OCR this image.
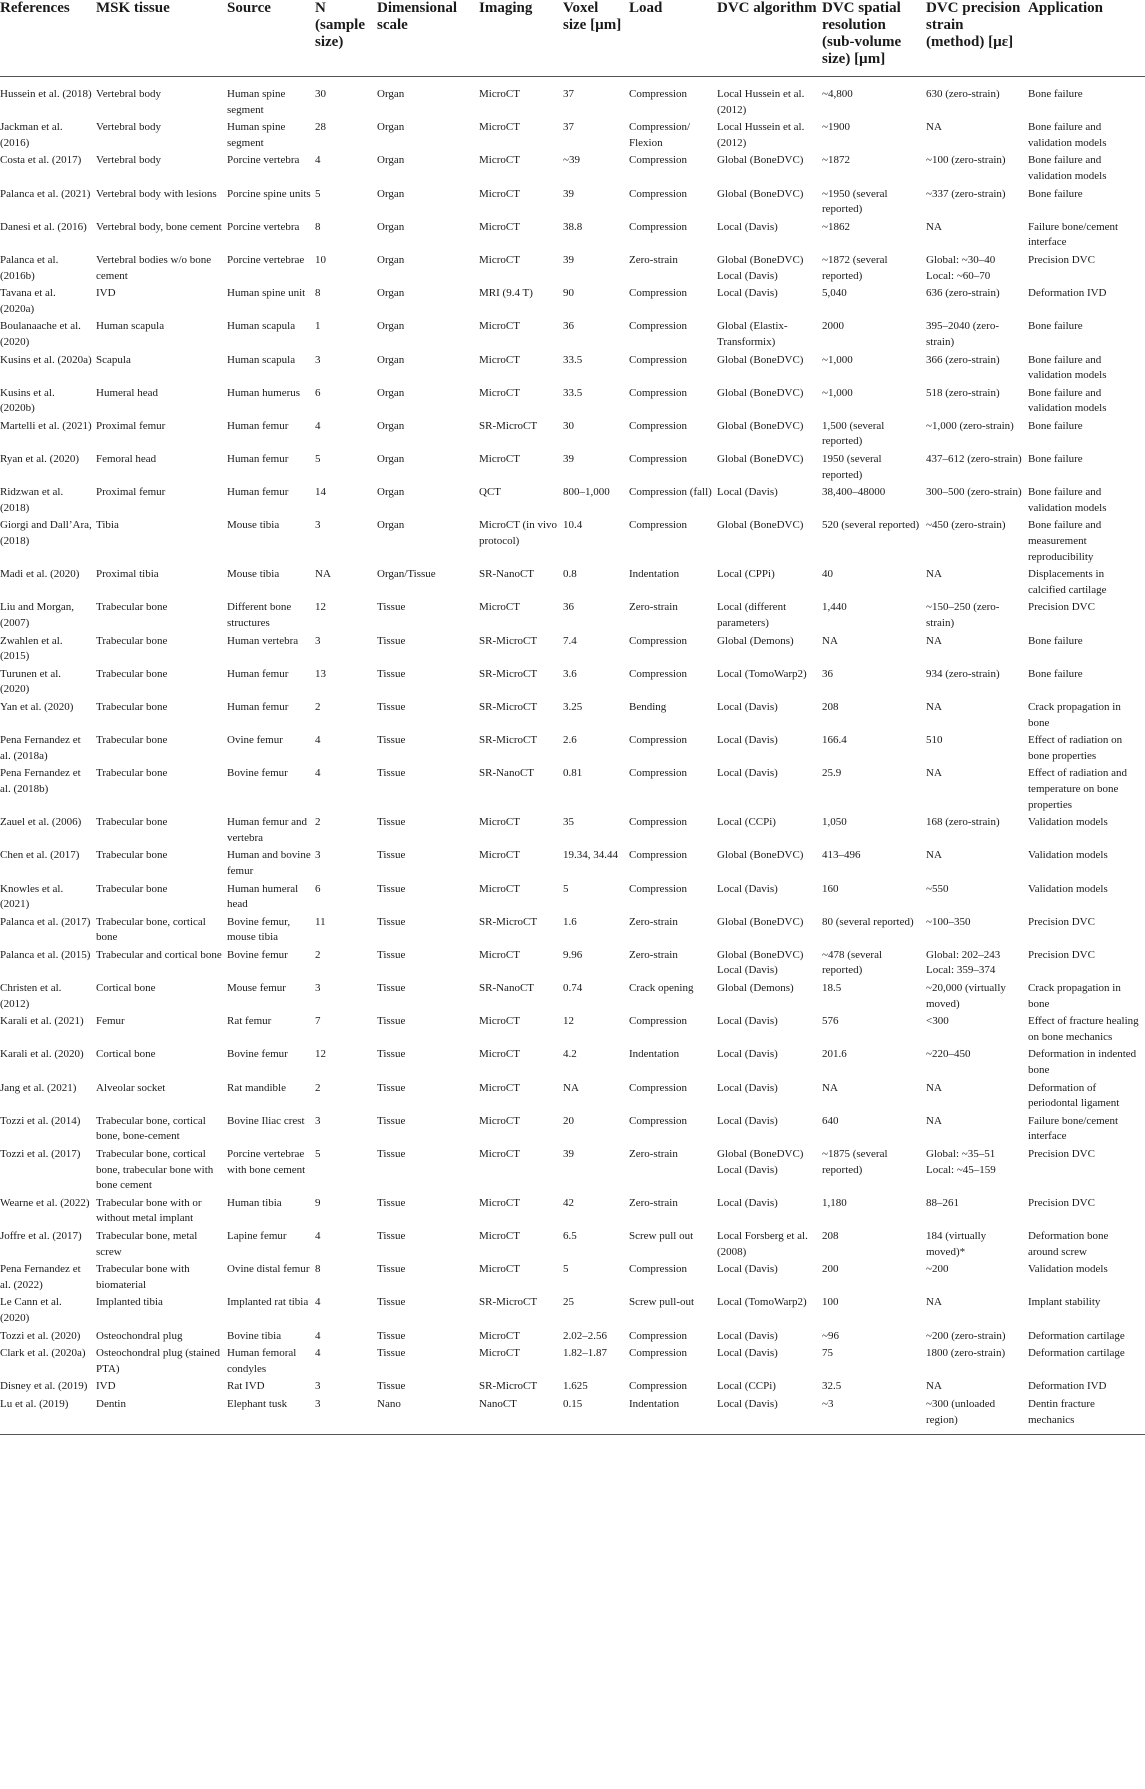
References	MSK tissue	Source	N (sample size)	Dimensional scale	Imaging	Voxel size [µm]	Load	DVC algorithm	DVC spatial resolution (sub-volume size) [µm]	DVC precision strain (method) [µε]	Application
Hussein et al. (2018)	Vertebral body	Human spine segment	30	Organ	MicroCT	37	Compression	Local Hussein et al. (2012)	~4,800	630 (zero-strain)	Bone failure
Jackman et al. (2016)	Vertebral body	Human spine segment	28	Organ	MicroCT	37	Compression/ Flexion	Local Hussein et al. (2012)	~1900	NA	Bone failure and validation models
Costa et al. (2017)	Vertebral body	Porcine vertebra	4	Organ	MicroCT	~39	Compression	Global (BoneDVC)	~1872	~100 (zero-strain)	Bone failure and validation models
Palanca et al. (2021)	Vertebral body with lesions	Porcine spine units	5	Organ	MicroCT	39	Compression	Global (BoneDVC)	~1950 (several reported)	~337 (zero-strain)	Bone failure
Danesi et al. (2016)	Vertebral body, bone cement	Porcine vertebra	8	Organ	MicroCT	38.8	Compression	Local (Davis)	~1862	NA	Failure bone/cement interface
Palanca et al. (2016b)	Vertebral bodies w/o bone cement	Porcine vertebrae	10	Organ	MicroCT	39	Zero-strain	Global (BoneDVC) Local (Davis)	~1872 (several reported)	Global: ~30–40 Local: ~60–70	Precision DVC
Tavana et al. (2020a)	IVD	Human spine unit	8	Organ	MRI (9.4 T)	90	Compression	Local (Davis)	5,040	636 (zero-strain)	Deformation IVD
Boulanaache et al. (2020)	Human scapula	Human scapula	1	Organ	MicroCT	36	Compression	Global (Elastix-Transformix)	2000	395–2040 (zero-strain)	Bone failure
Kusins et al. (2020a)	Scapula	Human scapula	3	Organ	MicroCT	33.5	Compression	Global (BoneDVC)	~1,000	366 (zero-strain)	Bone failure and validation models
Kusins et al. (2020b)	Humeral head	Human humerus	6	Organ	MicroCT	33.5	Compression	Global (BoneDVC)	~1,000	518 (zero-strain)	Bone failure and validation models
Martelli et al. (2021)	Proximal femur	Human femur	4	Organ	SR-MicroCT	30	Compression	Global (BoneDVC)	1,500 (several reported)	~1,000 (zero-strain)	Bone failure
Ryan et al. (2020)	Femoral head	Human femur	5	Organ	MicroCT	39	Compression	Global (BoneDVC)	1950 (several reported)	437–612 (zero-strain)	Bone failure
Ridzwan et al. (2018)	Proximal femur	Human femur	14	Organ	QCT	800–1,000	Compression (fall)	Local (Davis)	38,400–48000	300–500 (zero-strain)	Bone failure and validation models
Giorgi and Dall’Ara, (2018)	Tibia	Mouse tibia	3	Organ	MicroCT (in vivo protocol)	10.4	Compression	Global (BoneDVC)	520 (several reported)	~450 (zero-strain)	Bone failure and measurement reproducibility
Madi et al. (2020)	Proximal tibia	Mouse tibia	NA	Organ/Tissue	SR-NanoCT	0.8	Indentation	Local (CPPi)	40	NA	Displacements in calcified cartilage
Liu and Morgan, (2007)	Trabecular bone	Different bone structures	12	Tissue	MicroCT	36	Zero-strain	Local (different parameters)	1,440	~150–250 (zero-strain)	Precision DVC
Zwahlen et al. (2015)	Trabecular bone	Human vertebra	3	Tissue	SR-MicroCT	7.4	Compression	Global (Demons)	NA	NA	Bone failure
Turunen et al. (2020)	Trabecular bone	Human femur	13	Tissue	SR-MicroCT	3.6	Compression	Local (TomoWarp2)	36	934 (zero-strain)	Bone failure
Yan et al. (2020)	Trabecular bone	Human femur	2	Tissue	SR-MicroCT	3.25	Bending	Local (Davis)	208	NA	Crack propagation in bone
Pena Fernandez et al. (2018a)	Trabecular bone	Ovine femur	4	Tissue	SR-MicroCT	2.6	Compression	Local (Davis)	166.4	510	Effect of radiation on bone properties
Pena Fernandez et al. (2018b)	Trabecular bone	Bovine femur	4	Tissue	SR-NanoCT	0.81	Compression	Local (Davis)	25.9	NA	Effect of radiation and temperature on bone properties
Zauel et al. (2006)	Trabecular bone	Human femur and vertebra	2	Tissue	MicroCT	35	Compression	Local (CCPi)	1,050	168 (zero-strain)	Validation models
Chen et al. (2017)	Trabecular bone	Human and bovine femur	3	Tissue	MicroCT	19.34, 34.44	Compression	Global (BoneDVC)	413–496	NA	Validation models
Knowles et al. (2021)	Trabecular bone	Human humeral head	6	Tissue	MicroCT	5	Compression	Local (Davis)	160	~550	Validation models
Palanca et al. (2017)	Trabecular bone, cortical bone	Bovine femur, mouse tibia	11	Tissue	SR-MicroCT	1.6	Zero-strain	Global (BoneDVC)	80 (several reported)	~100–350	Precision DVC
Palanca et al. (2015)	Trabecular and cortical bone	Bovine femur	2	Tissue	MicroCT	9.96	Zero-strain	Global (BoneDVC) Local (Davis)	~478 (several reported)	Global: 202–243 Local: 359–374	Precision DVC
Christen et al. (2012)	Cortical bone	Mouse femur	3	Tissue	SR-NanoCT	0.74	Crack opening	Global (Demons)	18.5	~20,000 (virtually moved)	Crack propagation in bone
Karali et al. (2021)	Femur	Rat femur	7	Tissue	MicroCT	12	Compression	Local (Davis)	576	<300	Effect of fracture healing on bone mechanics
Karali et al. (2020)	Cortical bone	Bovine femur	12	Tissue	MicroCT	4.2	Indentation	Local (Davis)	201.6	~220–450	Deformation in indented bone
Jang et al. (2021)	Alveolar socket	Rat mandible	2	Tissue	MicroCT	NA	Compression	Local (Davis)	NA	NA	Deformation of periodontal ligament
Tozzi et al. (2014)	Trabecular bone, cortical bone, bone-cement	Bovine Iliac crest	3	Tissue	MicroCT	20	Compression	Local (Davis)	640	NA	Failure bone/cement interface
Tozzi et al. (2017)	Trabecular bone, cortical bone, trabecular bone with bone cement	Porcine vertebrae with bone cement	5	Tissue	MicroCT	39	Zero-strain	Global (BoneDVC) Local (Davis)	~1875 (several reported)	Global: ~35–51 Local: ~45–159	Precision DVC
Wearne et al. (2022)	Trabecular bone with or without metal implant	Human tibia	9	Tissue	MicroCT	42	Zero-strain	Local (Davis)	1,180	88–261	Precision DVC
Joffre et al. (2017)	Trabecular bone, metal screw	Lapine femur	4	Tissue	MicroCT	6.5	Screw pull out	Local Forsberg et al. (2008)	208	184 (virtually moved)*	Deformation bone around screw
Pena Fernandez et al. (2022)	Trabecular bone with biomaterial	Ovine distal femur	8	Tissue	MicroCT	5	Compression	Local (Davis)	200	~200	Validation models
Le Cann et al. (2020)	Implanted tibia	Implanted rat tibia	4	Tissue	SR-MicroCT	25	Screw pull-out	Local (TomoWarp2)	100	NA	Implant stability
Tozzi et al. (2020)	Osteochondral plug	Bovine tibia	4	Tissue	MicroCT	2.02–2.56	Compression	Local (Davis)	~96	~200 (zero-strain)	Deformation cartilage
Clark et al. (2020a)	Osteochondral plug (stained PTA)	Human femoral condyles	4	Tissue	MicroCT	1.82–1.87	Compression	Local (Davis)	75	1800 (zero-strain)	Deformation cartilage
Disney et al. (2019)	IVD	Rat IVD	3	Tissue	SR-MicroCT	1.625	Compression	Local (CCPi)	32.5	NA	Deformation IVD
Lu et al. (2019)	Dentin	Elephant tusk	3	Nano	NanoCT	0.15	Indentation	Local (Davis)	~3	~300 (unloaded region)	Dentin fracture mechanics
